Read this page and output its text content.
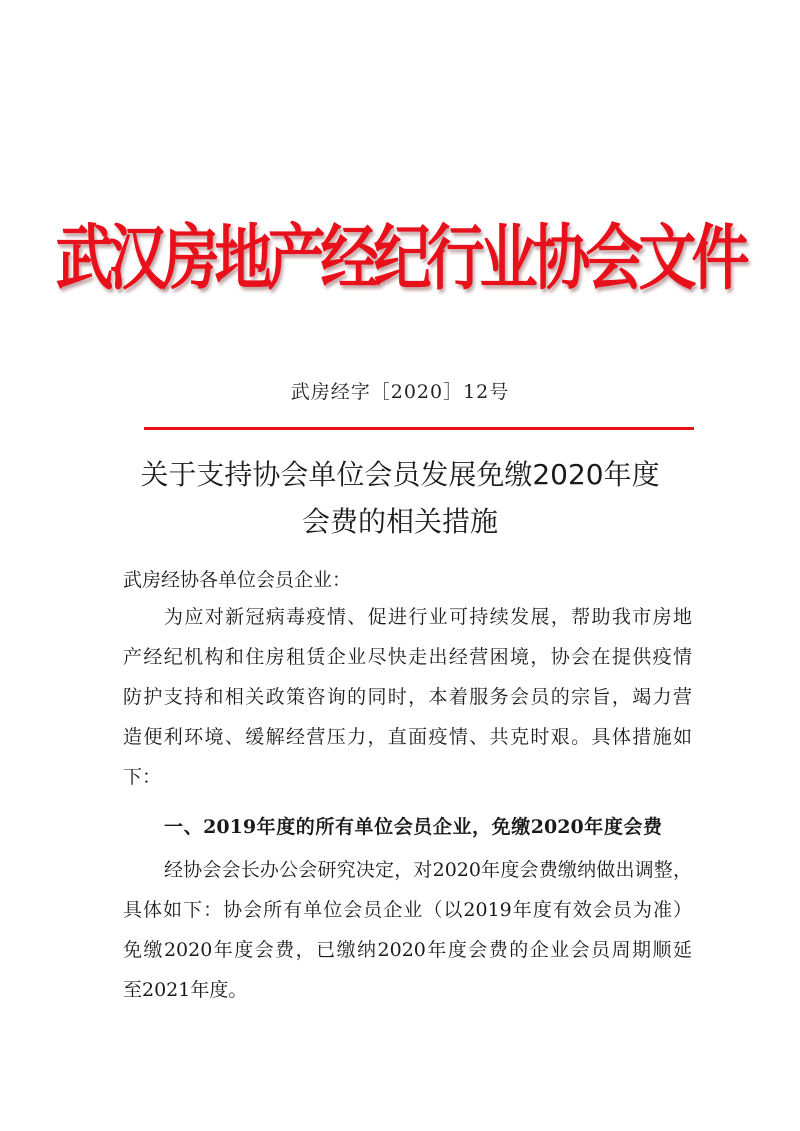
武汉房地产经纪行业协会文件
武房经字［2020］12号
关于支持协会单位会员发展免缴2020年度
会费的相关措施
武房经协各单位会员企业：
为应对新冠病毒疫情、促进行业可持续发展，帮助我市房地
产经纪机构和住房租赁企业尽快走出经营困境，协会在提供疫情
防护支持和相关政策咨询的同时，本着服务会员的宗旨，竭力营
造便利环境、缓解经营压力，直面疫情、共克时艰。具体措施如
下：
一、2019年度的所有单位会员企业，免缴2020年度会费
经协会会长办公会研究决定，对2020年度会费缴纳做出调整，
具体如下：协会所有单位会员企业（以2019年度有效会员为准）
免缴2020年度会费，已缴纳2020年度会费的企业会员周期顺延
至2021年度。
